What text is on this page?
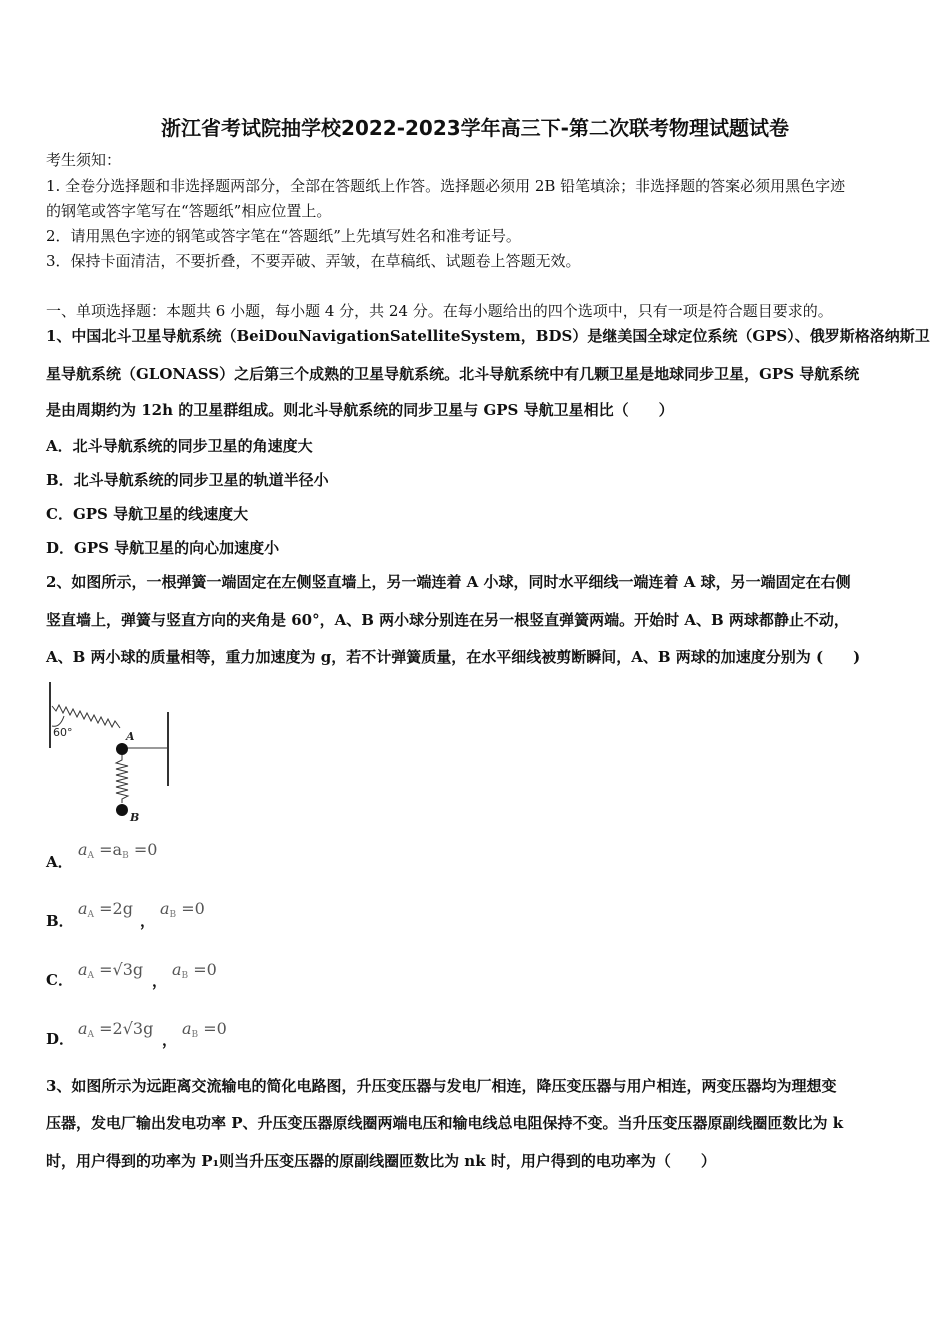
浙江省考试院抽学校2022-2023学年高三下-第二次联考物理试题试卷
考生须知：
1. 全卷分选择题和非选择题两部分，全部在答题纸上作答。选择题必须用 2B 铅笔填涂；非选择题的答案必须用黑色字迹
的钢笔或答字笔写在“答题纸”相应位置上。
2．请用黑色字迹的钢笔或答字笔在“答题纸”上先填写姓名和准考证号。
3．保持卡面清洁，不要折叠，不要弄破、弄皱，在草稿纸、试题卷上答题无效。
一、单项选择题：本题共 6 小题，每小题 4 分，共 24 分。在每小题给出的四个选项中，只有一项是符合题目要求的。
1、中国北斗卫星导航系统（BeiDouNavigationSatelliteSystem，BDS）是继美国全球定位系统（GPS）、俄罗斯格洛纳斯卫
星导航系统（GLONASS）之后第三个成熟的卫星导航系统。北斗导航系统中有几颗卫星是地球同步卫星，GPS 导航系统
是由周期约为 12h 的卫星群组成。则北斗导航系统的同步卫星与 GPS 导航卫星相比（　　）
A．北斗导航系统的同步卫星的角速度大
B．北斗导航系统的同步卫星的轨道半径小
C．GPS 导航卫星的线速度大
D．GPS 导航卫星的向心加速度小
2、如图所示，一根弹簧一端固定在左侧竖直墙上，另一端连着 A 小球，同时水平细线一端连着 A 球，另一端固定在右侧
竖直墙上，弹簧与竖直方向的夹角是 60°，A、B 两小球分别连在另一根竖直弹簧两端。开始时 A、B 两球都静止不动，
A、B 两小球的质量相等，重力加速度为 g，若不计弹簧质量，在水平细线被剪断瞬间，A、B 两球的加速度分别为 (　　)
60°	A
B
A．
$a_A =a_B =0$
B．
$a_A =2g$
，
$a_B =0$
C．
$a_A =√3g$
，
$a_B =0$
D．
$a_A =2√3g$
，
$a_B =0$
3、如图所示为远距离交流输电的简化电路图，升压变压器与发电厂相连，降压变压器与用户相连，两变压器均为理想变
压器，发电厂输出发电功率 P、升压变压器原线圈两端电压和输电线总电阻保持不变。当升压变压器原副线圈匝数比为 k
时，用户得到的功率为 P₁则当升压变压器的原副线圈匝数比为 nk 时，用户得到的电功率为（　　）
